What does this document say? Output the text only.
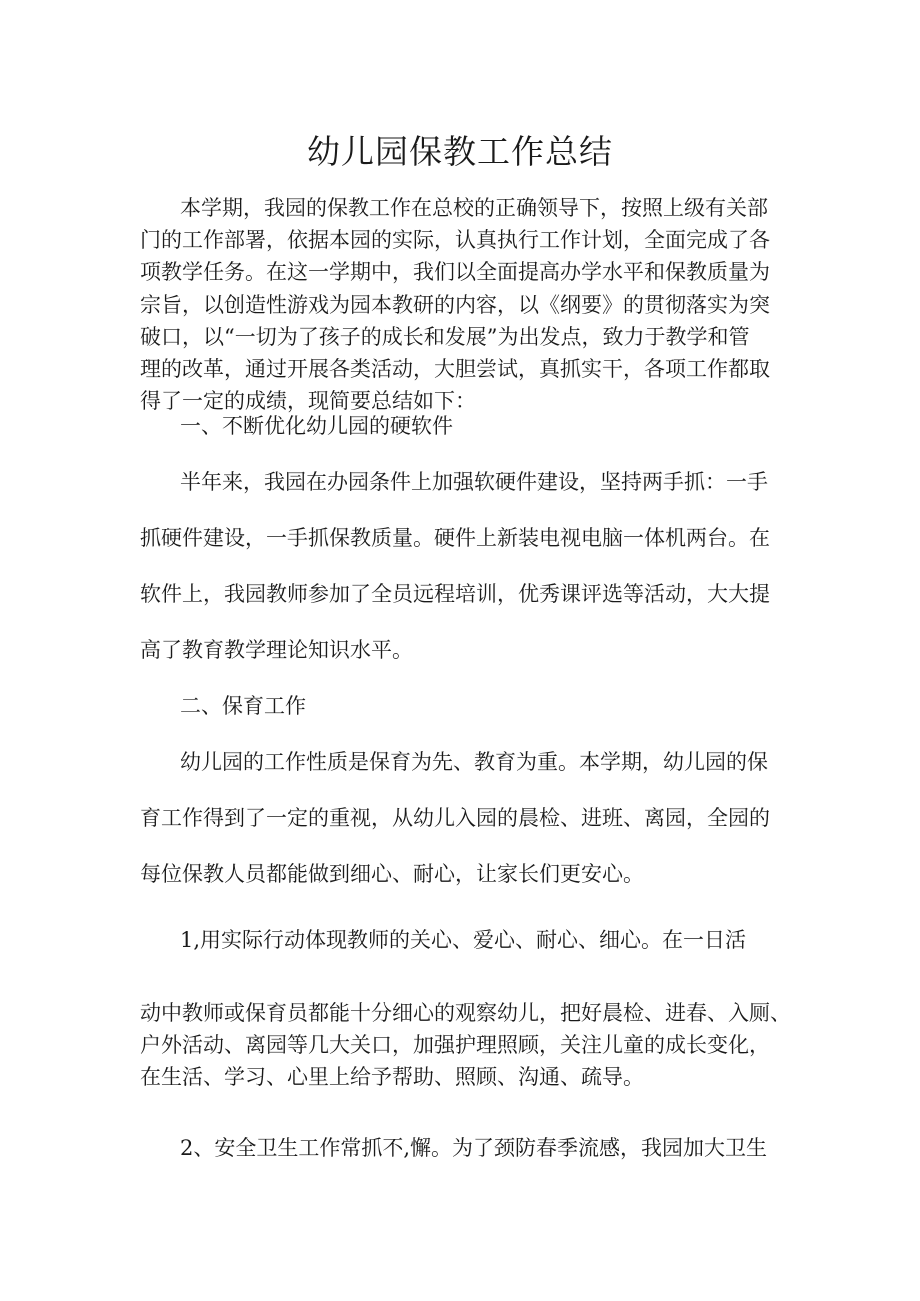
幼儿园保教工作总结

本学期，我园的保教工作在总校的正确领导下，按照上级有关部

门的工作部署，依据本园的实际，认真执行工作计划，全面完成了各

项教学任务。在这一学期中，我们以全面提高办学水平和保教质量为

宗旨，以创造性游戏为园本教研的内容，以《纲要》的贯彻落实为突

破口，以“一切为了孩子的成长和发展”为出发点，致力于教学和管

理的改革，通过开展各类活动，大胆尝试，真抓实干，各项工作都取

得了一定的成绩，现简要总结如下：

一、不断优化幼儿园的硬软件

半年来，我园在办园条件上加强软硬件建设，坚持两手抓：一手

抓硬件建设，一手抓保教质量。硬件上新装电视电脑一体机两台。在

软件上，我园教师参加了全员远程培训，优秀课评选等活动，大大提

高了教育教学理论知识水平。

二、保育工作

幼儿园的工作性质是保育为先、教育为重。本学期，幼儿园的保

育工作得到了一定的重视，从幼儿入园的晨检、进班、离园，全园的

每位保教人员都能做到细心、耐心，让家长们更安心。

1,用实际行动体现教师的关心、爱心、耐心、细心。在一日活

动中教师或保育员都能十分细心的观察幼儿，把好晨检、进春、入厕、

户外活动、离园等几大关口，加强护理照顾，关注儿童的成长变化，

在生活、学习、心里上给予帮助、照顾、沟通、疏导。

2、安全卫生工作常抓不,懈。为了颈防春季流感，我园加大卫生
